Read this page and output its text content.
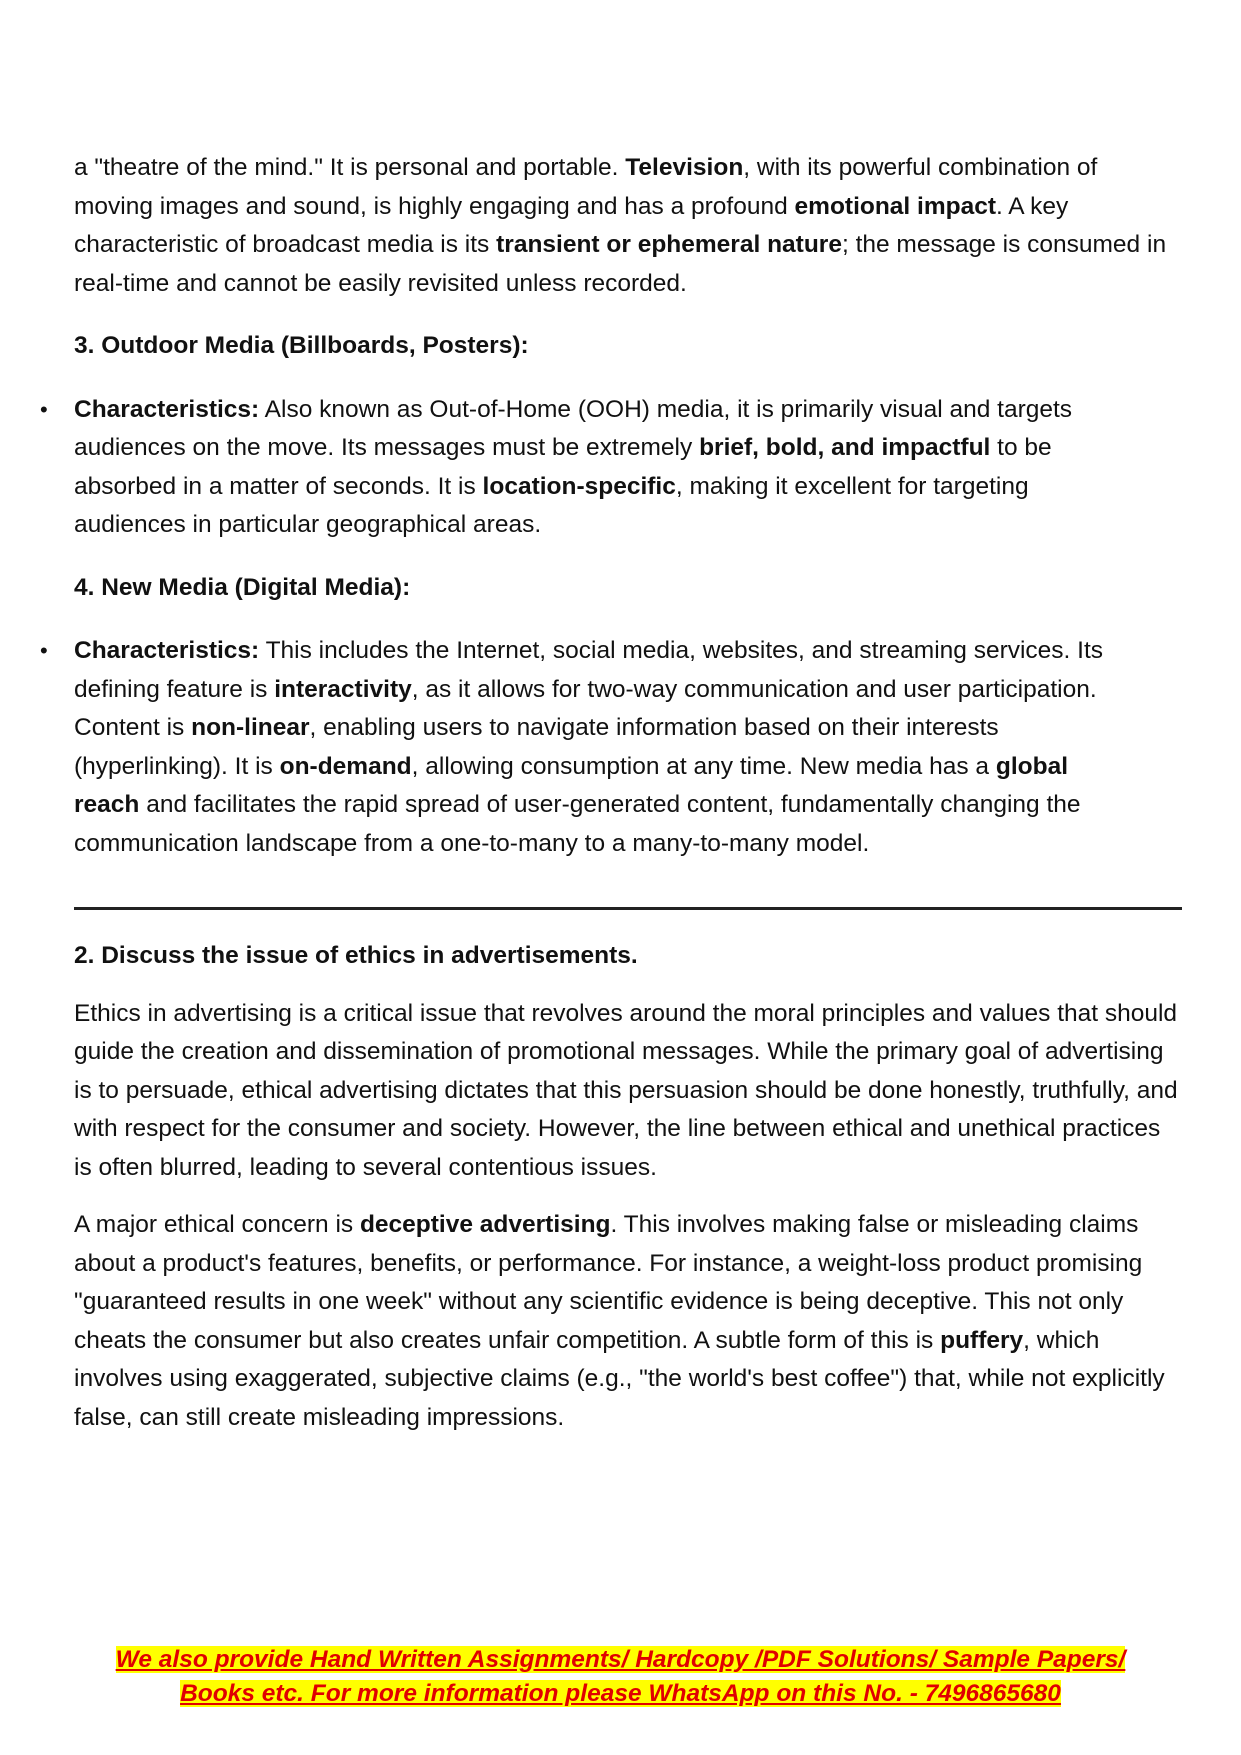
a "theatre of the mind." It is personal and portable. Television, with its powerful combination of moving images and sound, is highly engaging and has a profound emotional impact. A key characteristic of broadcast media is its transient or ephemeral nature; the message is consumed in real-time and cannot be easily revisited unless recorded.

3. Outdoor Media (Billboards, Posters):

• Characteristics: Also known as Out-of-Home (OOH) media, it is primarily visual and targets audiences on the move. Its messages must be extremely brief, bold, and impactful to be absorbed in a matter of seconds. It is location-specific, making it excellent for targeting audiences in particular geographical areas.

4. New Media (Digital Media):

• Characteristics: This includes the Internet, social media, websites, and streaming services. Its defining feature is interactivity, as it allows for two-way communication and user participation. Content is non-linear, enabling users to navigate information based on their interests (hyperlinking). It is on-demand, allowing consumption at any time. New media has a global reach and facilitates the rapid spread of user-generated content, fundamentally changing the communication landscape from a one-to-many to a many-to-many model.

2. Discuss the issue of ethics in advertisements.

Ethics in advertising is a critical issue that revolves around the moral principles and values that should guide the creation and dissemination of promotional messages. While the primary goal of advertising is to persuade, ethical advertising dictates that this persuasion should be done honestly, truthfully, and with respect for the consumer and society. However, the line between ethical and unethical practices is often blurred, leading to several contentious issues.

A major ethical concern is deceptive advertising. This involves making false or misleading claims about a product's features, benefits, or performance. For instance, a weight-loss product promising "guaranteed results in one week" without any scientific evidence is being deceptive. This not only cheats the consumer but also creates unfair competition. A subtle form of this is puffery, which involves using exaggerated, subjective claims (e.g., "the world's best coffee") that, while not explicitly false, can still create misleading impressions.

We also provide Hand Written Assignments/ Hardcopy /PDF Solutions/ Sample Papers/
Books etc. For more information please WhatsApp on this No. - 7496865680
